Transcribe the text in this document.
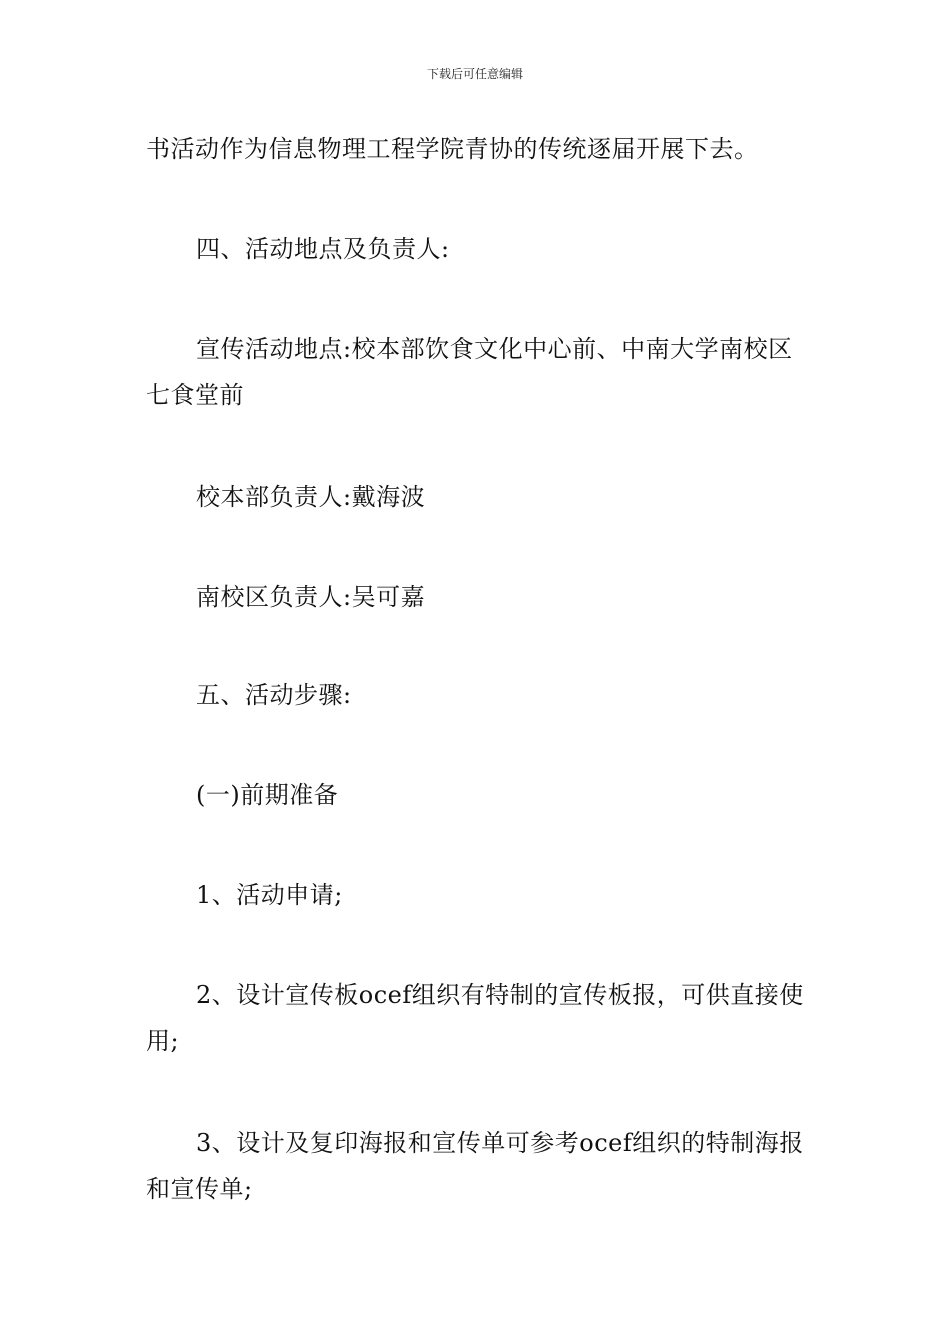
下载后可任意编辑

书活动作为信息物理工程学院青协的传统逐届开展下去。

四、活动地点及负责人:

宣传活动地点:校本部饮食文化中心前、中南大学南校区七食堂前

校本部负责人:戴海波

南校区负责人:吴可嘉

五、活动步骤:

(一)前期准备

1、活动申请;

2、设计宣传板ocef组织有特制的宣传板报，可供直接使用;

3、设计及复印海报和宣传单可参考ocef组织的特制海报和宣传单;
